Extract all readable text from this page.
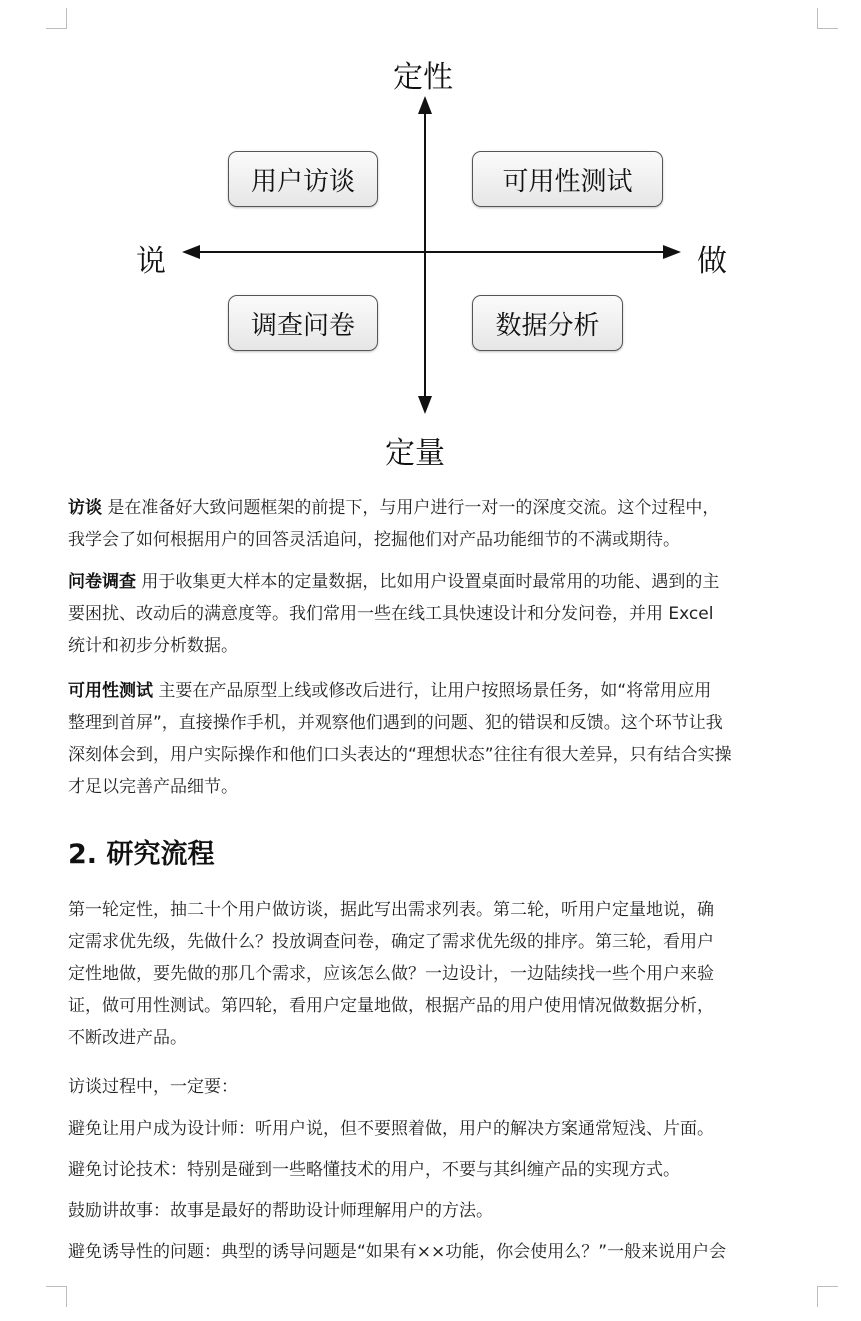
定性
定量
说	做
用户访谈	可用性测试
调查问卷	数据分析

访谈 是在准备好大致问题框架的前提下，与用户进行一对一的深度交流。这个过程中，

我学会了如何根据用户的回答灵活追问，挖掘他们对产品功能细节的不满或期待。

问卷调查 用于收集更大样本的定量数据，比如用户设置桌面时最常用的功能、遇到的主

要困扰、改动后的满意度等。我们常用一些在线工具快速设计和分发问卷，并用 Excel

统计和初步分析数据。

可用性测试 主要在产品原型上线或修改后进行，让用户按照场景任务，如“将常用应用

整理到首屏”，直接操作手机，并观察他们遇到的问题、犯的错误和反馈。这个环节让我

深刻体会到，用户实际操作和他们口头表达的“理想状态”往往有很大差异，只有结合实操

才足以完善产品细节。

2. 研究流程

第一轮定性，抽二十个用户做访谈，据此写出需求列表。第二轮，听用户定量地说，确

定需求优先级，先做什么？投放调查问卷，确定了需求优先级的排序。第三轮，看用户

定性地做，要先做的那几个需求，应该怎么做？一边设计，一边陆续找一些个用户来验

证，做可用性测试。第四轮，看用户定量地做，根据产品的用户使用情况做数据分析，

不断改进产品。

访谈过程中，一定要：

避免让用户成为设计师：听用户说，但不要照着做，用户的解决方案通常短浅、片面。

避免讨论技术：特别是碰到一些略懂技术的用户，不要与其纠缠产品的实现方式。

鼓励讲故事：故事是最好的帮助设计师理解用户的方法。

避免诱导性的问题：典型的诱导问题是“如果有××功能，你会使用么？”一般来说用户会
